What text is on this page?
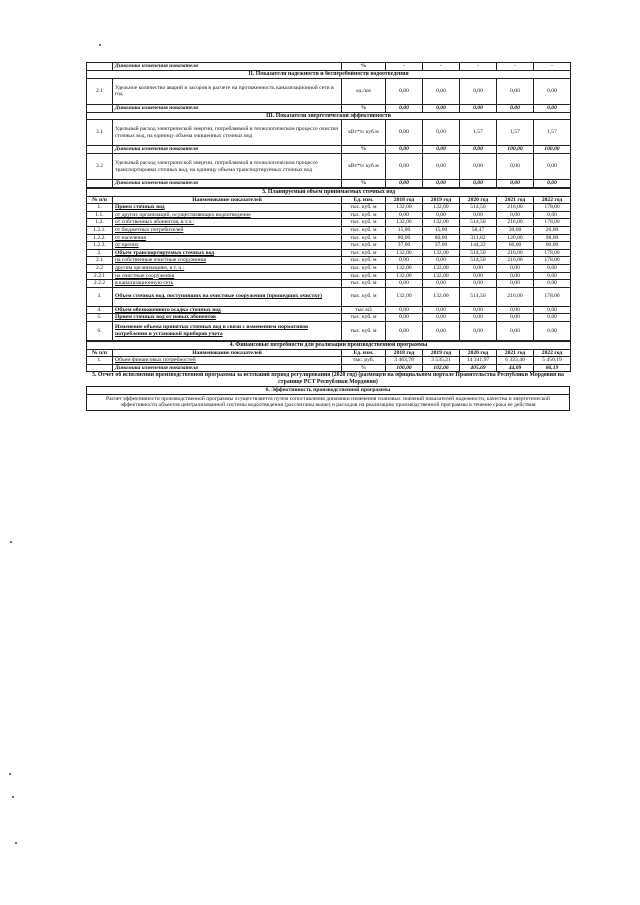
	Динамика изменения показателя	%	-	-	-	-	-
II. Показатели надежности и бесперебойности водоотведения							
2.1	Удельное количество аварий и засоров в расчете на протяженность канализационной сети в год	ед./км	0,00	0,00	0,00	0,00	0,00
	Динамика изменения показателя	%	0,00	0,00	0,00	0,00	0,00
III. Показатели энергетической эффективности							
3.1	Удельный расход электрической энергии, потребляемой в технологическом процессе очистки сточных вод, на единицу объема очищенных сточных вод	кВт*ч/ куб.м	0,00	0,00	1,57	1,57	1,57
	Динамика изменения показателя	%	0,00	0,00	0,00	100,00	100,00
3.2	Удельный расход электрической энергии, потребляемой в технологическом процессе транспортировки сточных вод, на единицу объема транспортируемых сточных вод	кВт*ч/ куб.м	0,00	0,00	0,00	0,00	0,00
	Динамика изменения показателя	%	0,00	0,00	0,00	0,00	0,00
3. Планируемый объем принимаемых сточных вод							
№ п/п	Наименование показателей	Ед. изм.	2018 год	2019 год	2020 год	2021 год	2022 год
1.	Прием сточных вод	тыс. куб. м	132,00	132,00	514,50	216,00	178,00
1.1.	от других организаций, осуществляющих водоотведение	тыс. куб. м	0,00	0,00	0,00	0,00	0,00
1.2.	от собственных абонентов, в т.ч.:	тыс. куб. м	132,00	132,00	514,50	216,00	178,00
1.2.1.	от бюджетных потребителей	тыс. куб. м	15,00	15,00	58,47	30,00	20,00
1.2.2.	от населения	тыс. куб. м	80,00	80,00	311,82	120,00	98,00
1.2.3.	от прочих	тыс. куб. м	37,00	37,00	144,22	66,00	60,00
2.	Объем транспортируемых сточных вод	тыс. куб. м	132,00	132,00	514,50	216,00	178,00
2.1	на собственные очистные сооружения	тыс. куб. м	0,00	0,00	514,50	216,00	178,00
2.2	другим организациям, в т. ч.:	тыс. куб. м	132,00	132,00	0,00	0,00	0,00
2.2.1	на очистные сооружения	тыс. куб. м	132,00	132,00	0,00	0,00	0,00
2.2.2	в канализационную сеть	тыс. куб. м	0,00	0,00	0,00	0,00	0,00
3.	Объем сточных вод, поступивших на очистные сооружения (прошедших очистку)	тыс. куб. м	132,00	132,00	514,50	216,00	178,00
4.	Объем обезвоженного осадка сточных вод	тыс.м3	0,00	0,00	0,00	0,00	0,00
5.	Прием сточных вод от новых абонентов	тыс. куб. м	0,00	0,00	0,00	0,00	0,00
6.	Изменение объема принятых сточных вод в связи с изменением нормативов потребления и установкой приборов учета	тыс. куб. м	0,00	0,00	0,00	0,00	0,00
4. Финансовые потребности для реализации производственной программы							
№ п/п	Наименование показателей	Ед. изм.	2018 год	2019 год	2020 год	2021 год	2022 год
1.	Объем финансовых потребностей	тыс. руб.	3 463,78	3 535,21	14 341,97	6 323,40	5 450,19
	Динамика изменения показателя	%	100,00	102,06	405,69	44,09	86,19
5. Отчет об исполнении производственной программы за истекший период регулирования (2020 год) (размещен на официальном портале Правительства Республики Мордовия на странице РСТ Республики Мордовия)
6. Эффективность производственной программы
Расчет эффективности производственной программы осуществляется путем сопоставления динамики изменения плановых значений показателей надежности, качества и энергетической эффективности объектов централизованной системы водоотведения (рассчитаны выше) и расходов на реализацию производственной программы в течение срока ее действия
